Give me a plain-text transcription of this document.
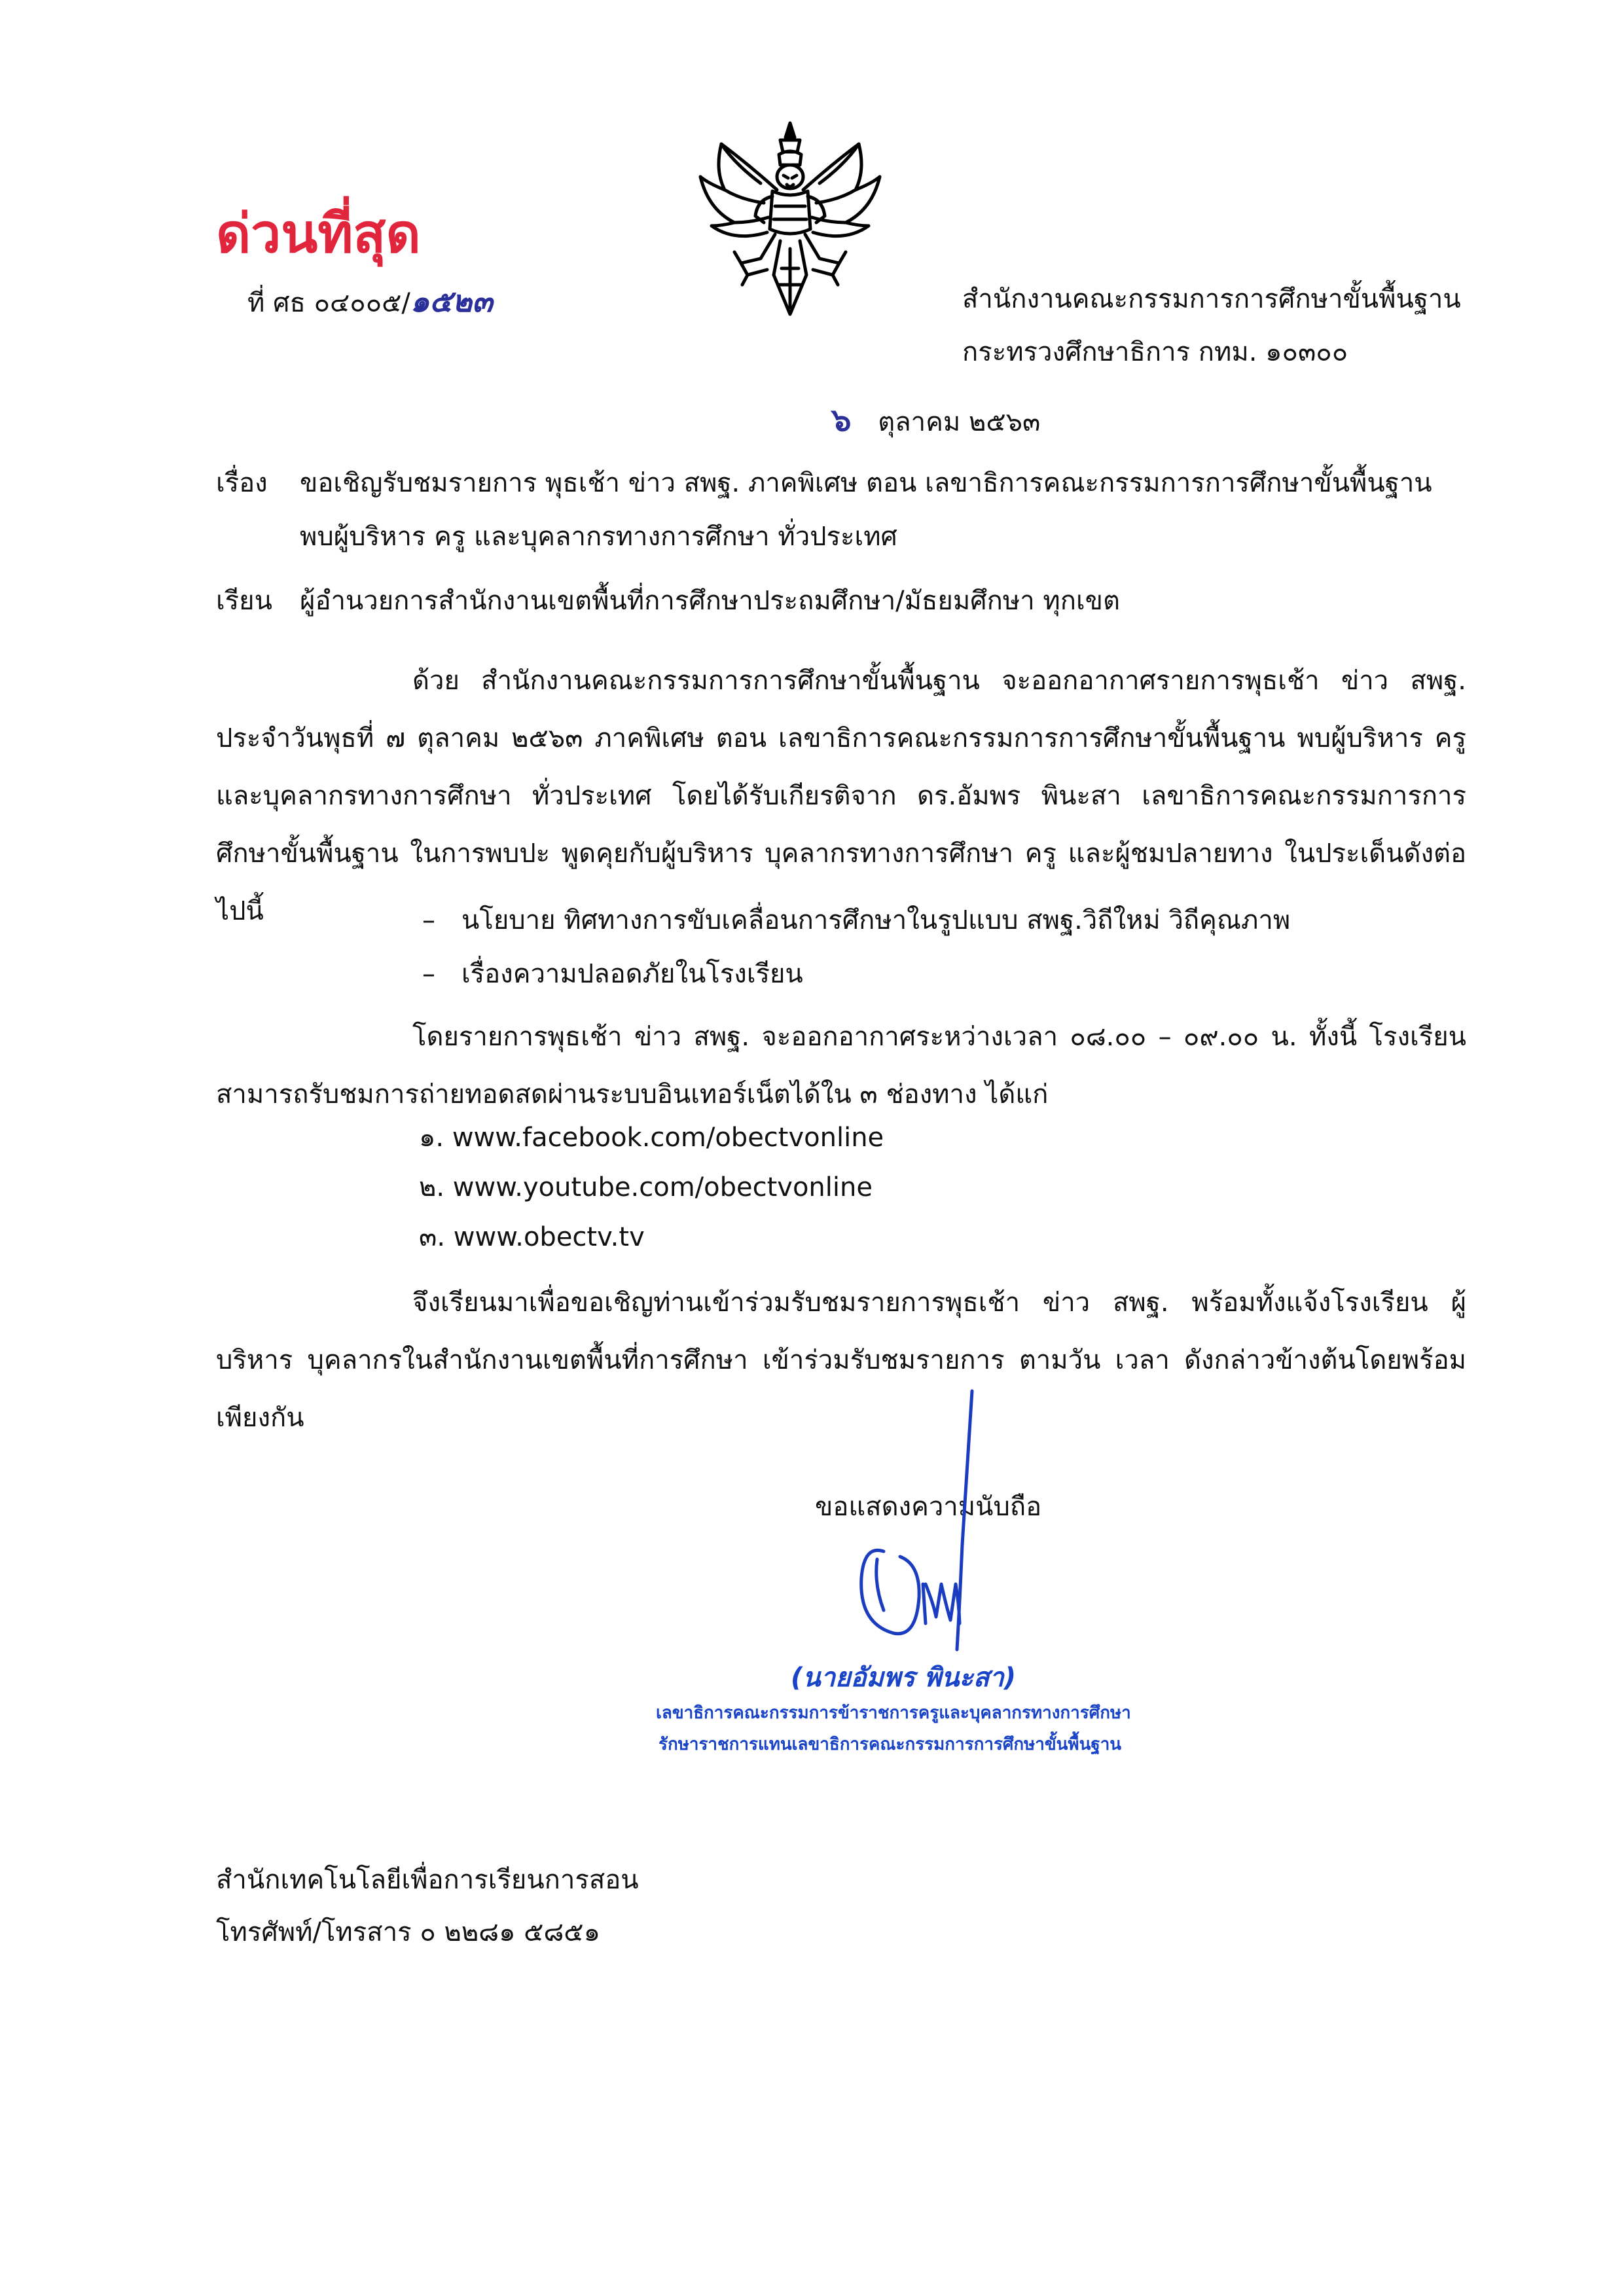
ด่วนที่สุด
ที่ ศธ ๐๔๐๐๕/๑๕๒๓	สำนักงานคณะกรรมการการศึกษาขั้นพื้นฐาน
กระทรวงศึกษาธิการ กทม. ๑๐๓๐๐
๖ ตุลาคม ๒๕๖๓
เรื่อง ขอเชิญรับชมรายการ พุธเช้า ข่าว สพฐ. ภาคพิเศษ ตอน เลขาธิการคณะกรรมการการศึกษาขั้นพื้นฐาน
พบผู้บริหาร ครู และบุคลากรทางการศึกษา ทั่วประเทศ
เรียน ผู้อำนวยการสำนักงานเขตพื้นที่การศึกษาประถมศึกษา/มัธยมศึกษา ทุกเขต
ด้วย สำนักงานคณะกรรมการการศึกษาขั้นพื้นฐาน จะออกอากาศรายการพุธเช้า ข่าว สพฐ. ประจำวันพุธที่ ๗ ตุลาคม ๒๕๖๓ ภาคพิเศษ ตอน เลขาธิการคณะกรรมการการศึกษาขั้นพื้นฐาน พบผู้บริหาร ครู และบุคลากรทางการศึกษา ทั่วประเทศ โดยได้รับเกียรติจาก ดร.อัมพร พินะสา เลขาธิการคณะกรรมการการศึกษาขั้นพื้นฐาน ในการพบปะ พูดคุยกับผู้บริหาร บุคลากรทางการศึกษา ครู และผู้ชมปลายทาง ในประเด็นดังต่อไปนี้	– นโยบาย ทิศทางการขับเคลื่อนการศึกษาในรูปแบบ สพฐ.วิถีใหม่ วิถีคุณภาพ
– เรื่องความปลอดภัยในโรงเรียน
โดยรายการพุธเช้า ข่าว สพฐ. จะออกอากาศระหว่างเวลา ๐๘.๐๐ – ๐๙.๐๐ น. ทั้งนี้ โรงเรียนสามารถรับชมการถ่ายทอดสดผ่านระบบอินเทอร์เน็ตได้ใน ๓ ช่องทาง ได้แก่
๑. www.facebook.com/obectvonline
๒. www.youtube.com/obectvonline
๓. www.obectv.tv
จึงเรียนมาเพื่อขอเชิญท่านเข้าร่วมรับชมรายการพุธเช้า ข่าว สพฐ. พร้อมทั้งแจ้งโรงเรียน ผู้บริหาร บุคลากรในสำนักงานเขตพื้นที่การศึกษา เข้าร่วมรับชมรายการ ตามวัน เวลา ดังกล่าวข้างต้นโดยพร้อมเพียงกัน
ขอแสดงความนับถือ
(นายอัมพร พินะสา)
เลขาธิการคณะกรรมการข้าราชการครูและบุคลากรทางการศึกษา
รักษาราชการแทนเลขาธิการคณะกรรมการการศึกษาขั้นพื้นฐาน
สำนักเทคโนโลยีเพื่อการเรียนการสอน
โทรศัพท์/โทรสาร ๐ ๒๒๘๑ ๕๘๕๑
